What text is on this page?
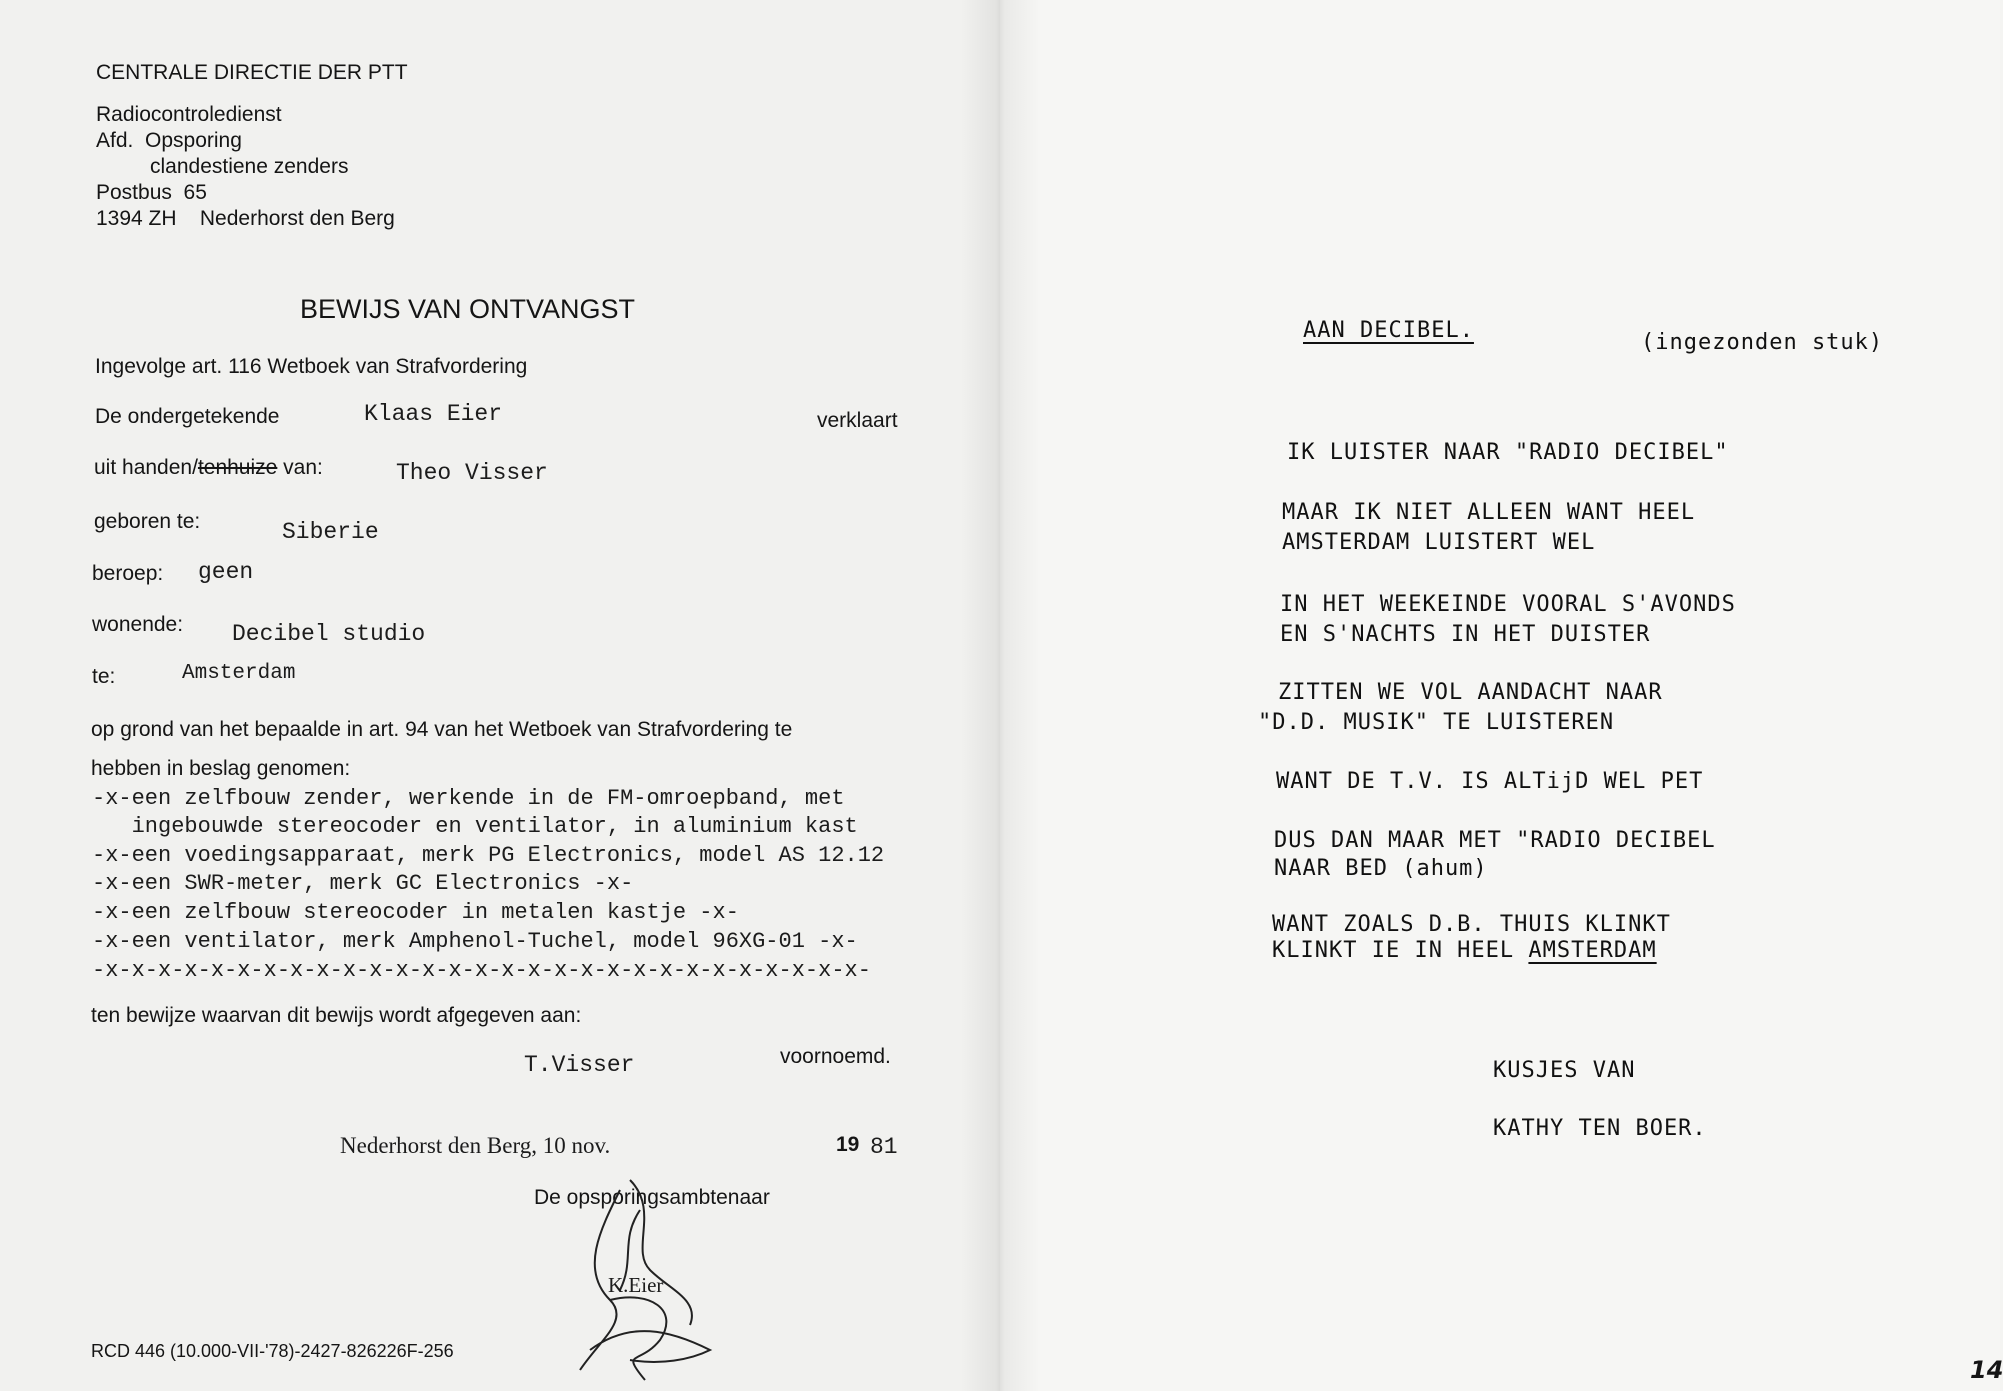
CENTRALE DIRECTIE DER PTT
Radiocontroledienst
Afd.  Opsporing
clandestiene zenders
Postbus  65
1394 ZH    Nederhorst den Berg
BEWIJS VAN ONTVANGST
Ingevolge art. 116 Wetboek van Strafvordering
De ondergetekende	Klaas Eier	verklaart
uit handen/tenhuize van:	Theo Visser
geboren te:	Siberie
beroep: geen
wonende: Decibel studio
te:	Amsterdam
op grond van het bepaalde in art. 94 van het Wetboek van Strafvordering te
hebben in beslag genomen:
-x-een zelfbouw zender, werkende in de FM-omroepband, met
ingebouwde stereocoder en ventilator, in aluminium kast
-x-een voedingsapparaat, merk PG Electronics, model AS 12.12
-x-een SWR-meter, merk GC Electronics -x-
-x-een zelfbouw stereocoder in metalen kastje -x-
-x-een ventilator, merk Amphenol-Tuchel, model 96XG-01 -x-
-x-x-x-x-x-x-x-x-x-x-x-x-x-x-x-x-x-x-x-x-x-x-x-x-x-x-x-x-x-
ten bewijze waarvan dit bewijs wordt afgegeven aan:
T.Visser	voornoemd.
Nederhorst den Berg, 10 nov.	19 81
De opsporingsambtenaar
K.Eier
RCD 446 (10.000-VII-'78)-2427-826226F-256
AAN DECIBEL.	(ingezonden stuk)
IK LUISTER NAAR "RADIO DECIBEL"
MAAR IK NIET ALLEEN WANT HEEL
AMSTERDAM LUISTERT WEL
IN HET WEEKEINDE VOORAL S'AVONDS
EN S'NACHTS IN HET DUISTER
ZITTEN WE VOL AANDACHT NAAR
"D.D. MUSIK" TE LUISTEREN
WANT DE T.V. IS ALTijD WEL PET
DUS DAN MAAR MET "RADIO DECIBEL
NAAR BED (ahum)
WANT ZOALS D.B. THUIS KLINKT
KLINKT IE IN HEEL AMSTERDAM
KUSJES VAN
KATHY TEN BOER.
14
